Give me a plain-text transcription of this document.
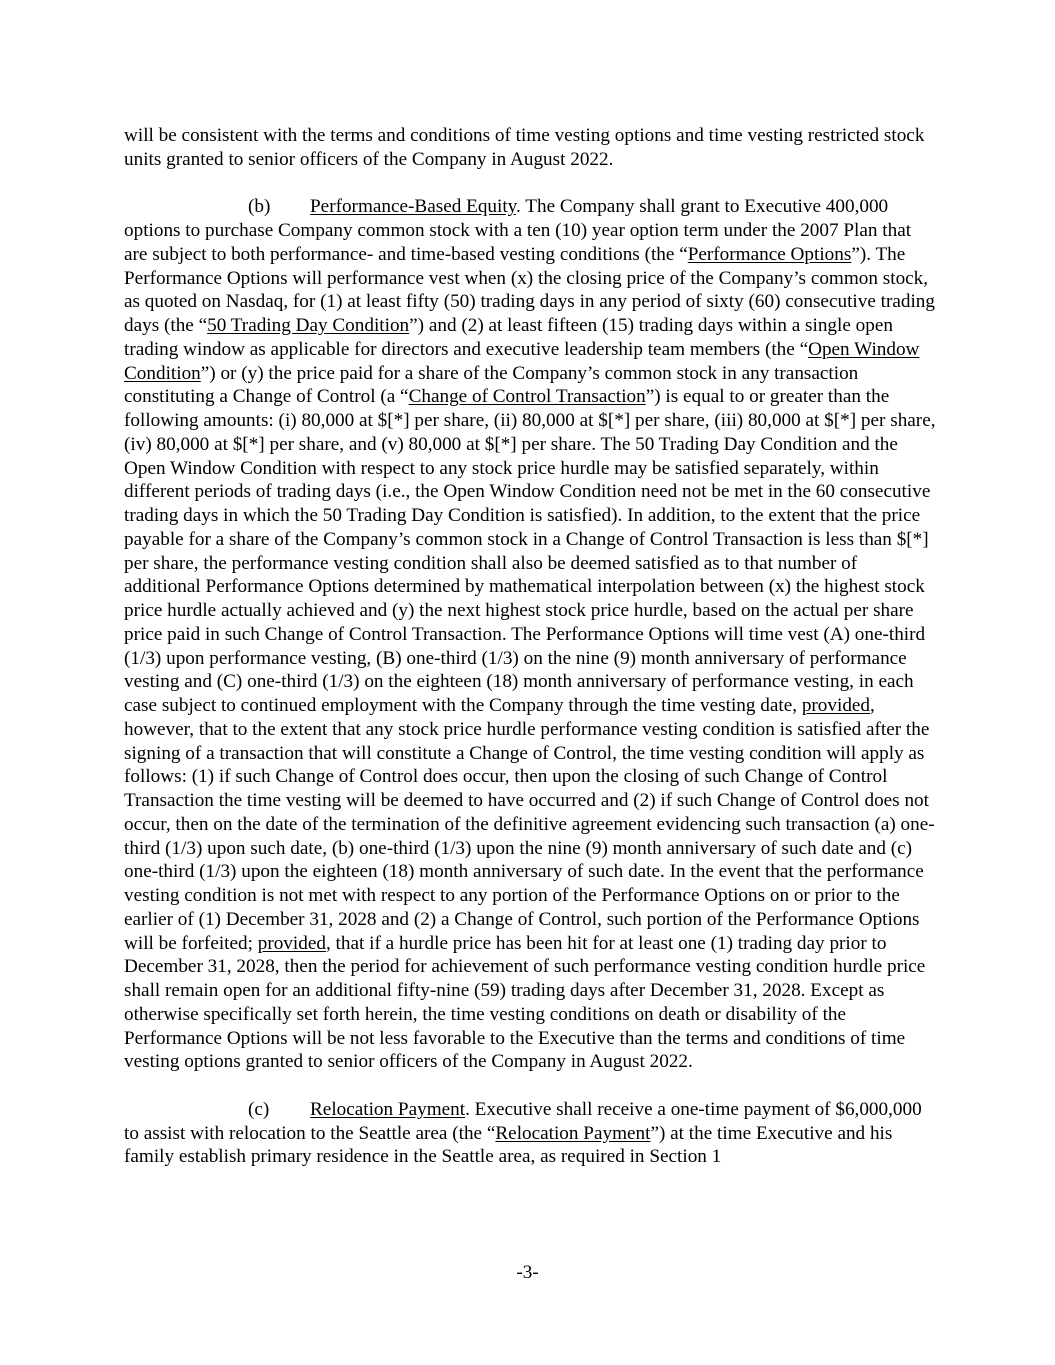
will be consistent with the terms and conditions of time vesting options and time vesting restricted stock units granted to senior officers of the Company in August 2022.

(b) Performance-Based Equity. The Company shall grant to Executive 400,000 options to purchase Company common stock with a ten (10) year option term under the 2007 Plan that are subject to both performance- and time-based vesting conditions (the “Performance Options”). The Performance Options will performance vest when (x) the closing price of the Company’s common stock, as quoted on Nasdaq, for (1) at least fifty (50) trading days in any period of sixty (60) consecutive trading days (the “50 Trading Day Condition”) and (2) at least fifteen (15) trading days within a single open trading window as applicable for directors and executive leadership team members (the “Open Window Condition”) or (y) the price paid for a share of the Company’s common stock in any transaction constituting a Change of Control (a “Change of Control Transaction”) is equal to or greater than the following amounts: (i) 80,000 at $[*] per share, (ii) 80,000 at $[*] per share, (iii) 80,000 at $[*] per share, (iv) 80,000 at $[*] per share, and (v) 80,000 at $[*] per share. The 50 Trading Day Condition and the Open Window Condition with respect to any stock price hurdle may be satisfied separately, within different periods of trading days (i.e., the Open Window Condition need not be met in the 60 consecutive trading days in which the 50 Trading Day Condition is satisfied). In addition, to the extent that the price payable for a share of the Company’s common stock in a Change of Control Transaction is less than $[*] per share, the performance vesting condition shall also be deemed satisfied as to that number of additional Performance Options determined by mathematical interpolation between (x) the highest stock price hurdle actually achieved and (y) the next highest stock price hurdle, based on the actual per share price paid in such Change of Control Transaction. The Performance Options will time vest (A) one-third (1/3) upon performance vesting, (B) one-third (1/3) on the nine (9) month anniversary of performance vesting and (C) one-third (1/3) on the eighteen (18) month anniversary of performance vesting, in each case subject to continued employment with the Company through the time vesting date, provided, however, that to the extent that any stock price hurdle performance vesting condition is satisfied after the signing of a transaction that will constitute a Change of Control, the time vesting condition will apply as follows: (1) if such Change of Control does occur, then upon the closing of such Change of Control Transaction the time vesting will be deemed to have occurred and (2) if such Change of Control does not occur, then on the date of the termination of the definitive agreement evidencing such transaction (a) one-third (1/3) upon such date, (b) one-third (1/3) upon the nine (9) month anniversary of such date and (c) one-third (1/3) upon the eighteen (18) month anniversary of such date. In the event that the performance vesting condition is not met with respect to any portion of the Performance Options on or prior to the earlier of (1) December 31, 2028 and (2) a Change of Control, such portion of the Performance Options will be forfeited; provided, that if a hurdle price has been hit for at least one (1) trading day prior to December 31, 2028, then the period for achievement of such performance vesting condition hurdle price shall remain open for an additional fifty-nine (59) trading days after December 31, 2028. Except as otherwise specifically set forth herein, the time vesting conditions on death or disability of the Performance Options will be not less favorable to the Executive than the terms and conditions of time vesting options granted to senior officers of the Company in August 2022.

(c) Relocation Payment. Executive shall receive a one-time payment of $6,000,000 to assist with relocation to the Seattle area (the “Relocation Payment”) at the time Executive and his family establish primary residence in the Seattle area, as required in Section 1

-3-
